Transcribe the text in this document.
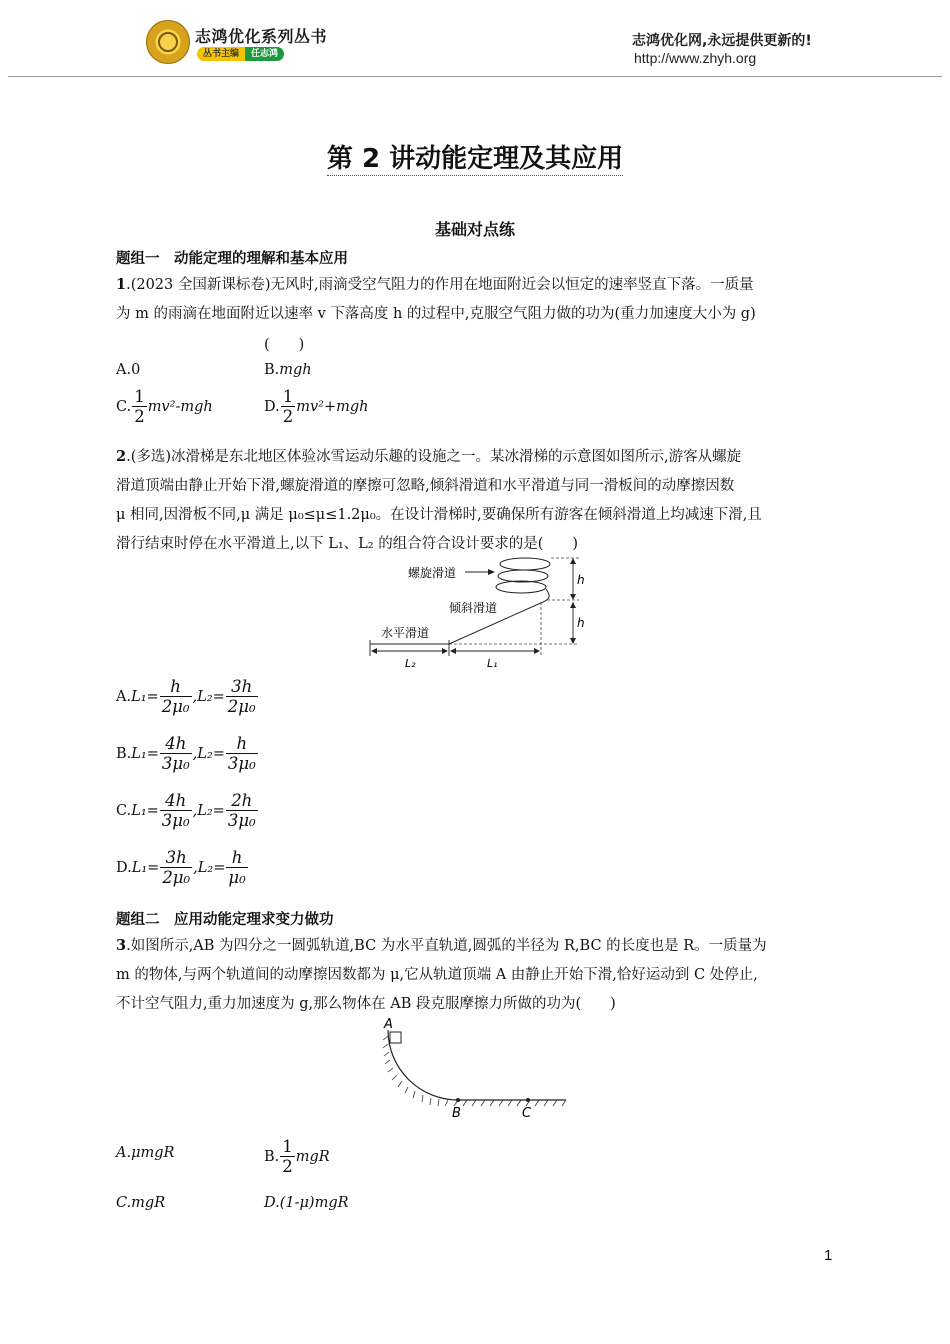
志鸿优化系列丛书
丛书主编	任志鸿
志鸿优化网,永远提供更新的!
http://www.zhyh.org
第 2 讲动能定理及其应用
基础对点练
题组一　动能定理的理解和基本应用
1.(2023 全国新课标卷)无风时,雨滴受空气阻力的作用在地面附近会以恒定的速率竖直下落。一质量
为 m 的雨滴在地面附近以速率 v 下落高度 h 的过程中,克服空气阻力做的功为(重力加速度大小为 g)
(　　)
A.0	B. mgh
C. $\frac{1}{2} mv^2-mgh$	D. $\frac{1}{2} mv^2+mgh$
2.(多选)冰滑梯是东北地区体验冰雪运动乐趣的设施之一。某冰滑梯的示意图如图所示,游客从螺旋
滑道顶端由静止开始下滑,螺旋滑道的摩擦可忽略,倾斜滑道和水平滑道与同一滑板间的动摩擦因数
μ 相同,因滑板不同,μ 满足 μ₀≤μ≤1.2μ₀。在设计滑梯时,要确保所有游客在倾斜滑道上均减速下滑,且
滑行结束时停在水平滑道上,以下 L₁、L₂ 的组合符合设计要求的是(　　)
螺旋滑道
倾斜滑道
水平滑道
h
h
L₂	L₁
A. $L_1= \frac{h}{\text{2μ₀}} ,L_2= \frac{3h}{\text{2μ₀}}$
B. $L_1= \frac{4h}{\text{3μ₀}} ,L_2= \frac{h}{\text{3μ₀}}$
C. $L_1= \frac{4h}{\text{3μ₀}} ,L_2= \frac{2h}{\text{3μ₀}}$
D. $L_1= \frac{3h}{\text{2μ₀}} ,L_2= \frac{h}{\text{μ₀}}$
题组二　应用动能定理求变力做功
3.如图所示,AB 为四分之一圆弧轨道,BC 为水平直轨道,圆弧的半径为 R,BC 的长度也是 R。一质量为
m 的物体,与两个轨道间的动摩擦因数都为 μ,它从轨道顶端 A 由静止开始下滑,恰好运动到 C 处停止,
不计空气阻力,重力加速度为 g,那么物体在 AB 段克服摩擦力所做的功为(　　)
A
B	C
A.μmgR	B. $\frac{1}{2}$ mgR
C.mgR	D.(1-μ)mgR
1
